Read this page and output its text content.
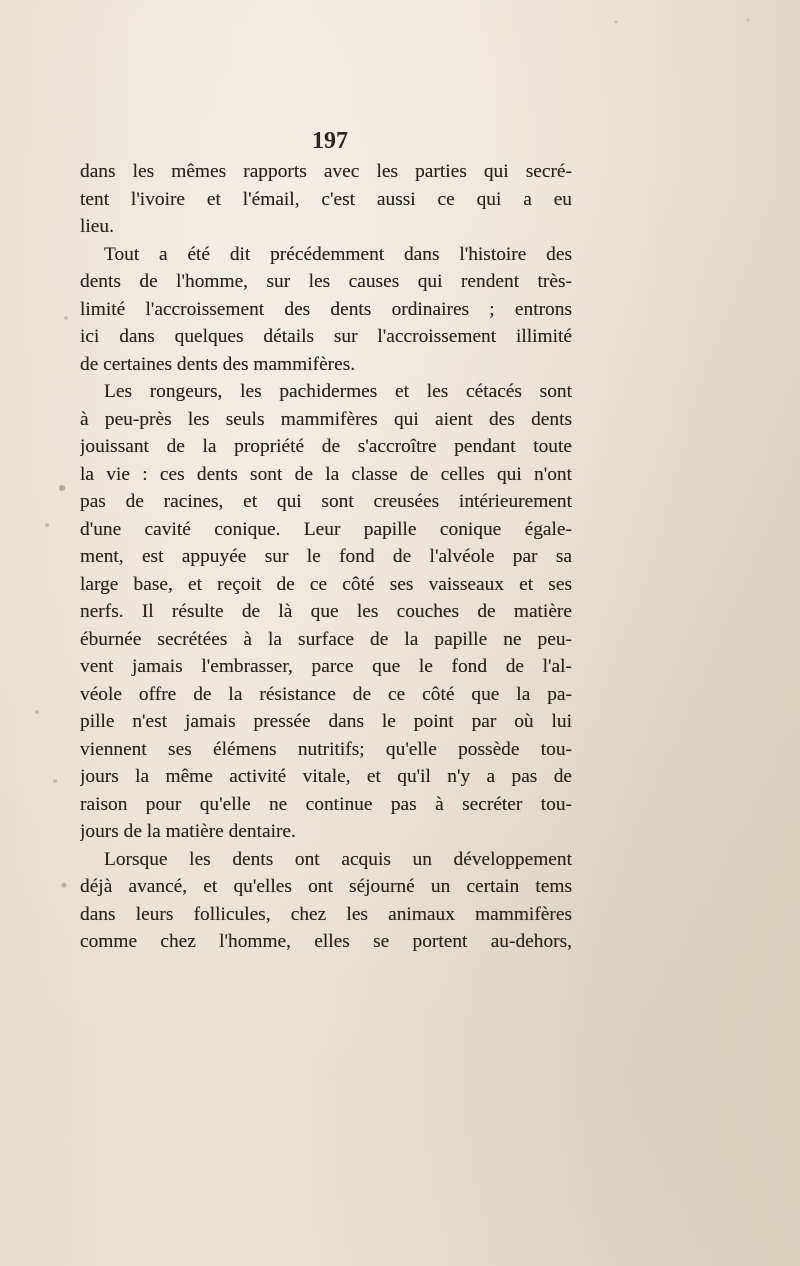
197
dans les mêmes rapports avec les parties qui secré-
tent l'ivoire et l'émail, c'est aussi ce qui a eu
lieu.
Tout a été dit précédemment dans l'histoire des
dents de l'homme, sur les causes qui rendent très-
limité l'accroissement des dents ordinaires ; entrons
ici dans quelques détails sur l'accroissement illimité
de certaines dents des mammifères.
Les rongeurs, les pachidermes et les cétacés sont
à peu-près les seuls mammifères qui aient des dents
jouissant de la propriété de s'accroître pendant toute
la vie : ces dents sont de la classe de celles qui n'ont
pas de racines, et qui sont creusées intérieurement
d'une cavité conique. Leur papille conique égale-
ment, est appuyée sur le fond de l'alvéole par sa
large base, et reçoit de ce côté ses vaisseaux et ses
nerfs. Il résulte de là que les couches de matière
éburnée secrétées à la surface de la papille ne peu-
vent jamais l'embrasser, parce que le fond de l'al-
véole offre de la résistance de ce côté que la pa-
pille n'est jamais pressée dans le point par où lui
viennent ses élémens nutritifs; qu'elle possède tou-
jours la même activité vitale, et qu'il n'y a pas de
raison pour qu'elle ne continue pas à secréter tou-
jours de la matière dentaire.
Lorsque les dents ont acquis un développement
déjà avancé, et qu'elles ont séjourné un certain tems
dans leurs follicules, chez les animaux mammifères
comme chez l'homme, elles se portent au-dehors,
